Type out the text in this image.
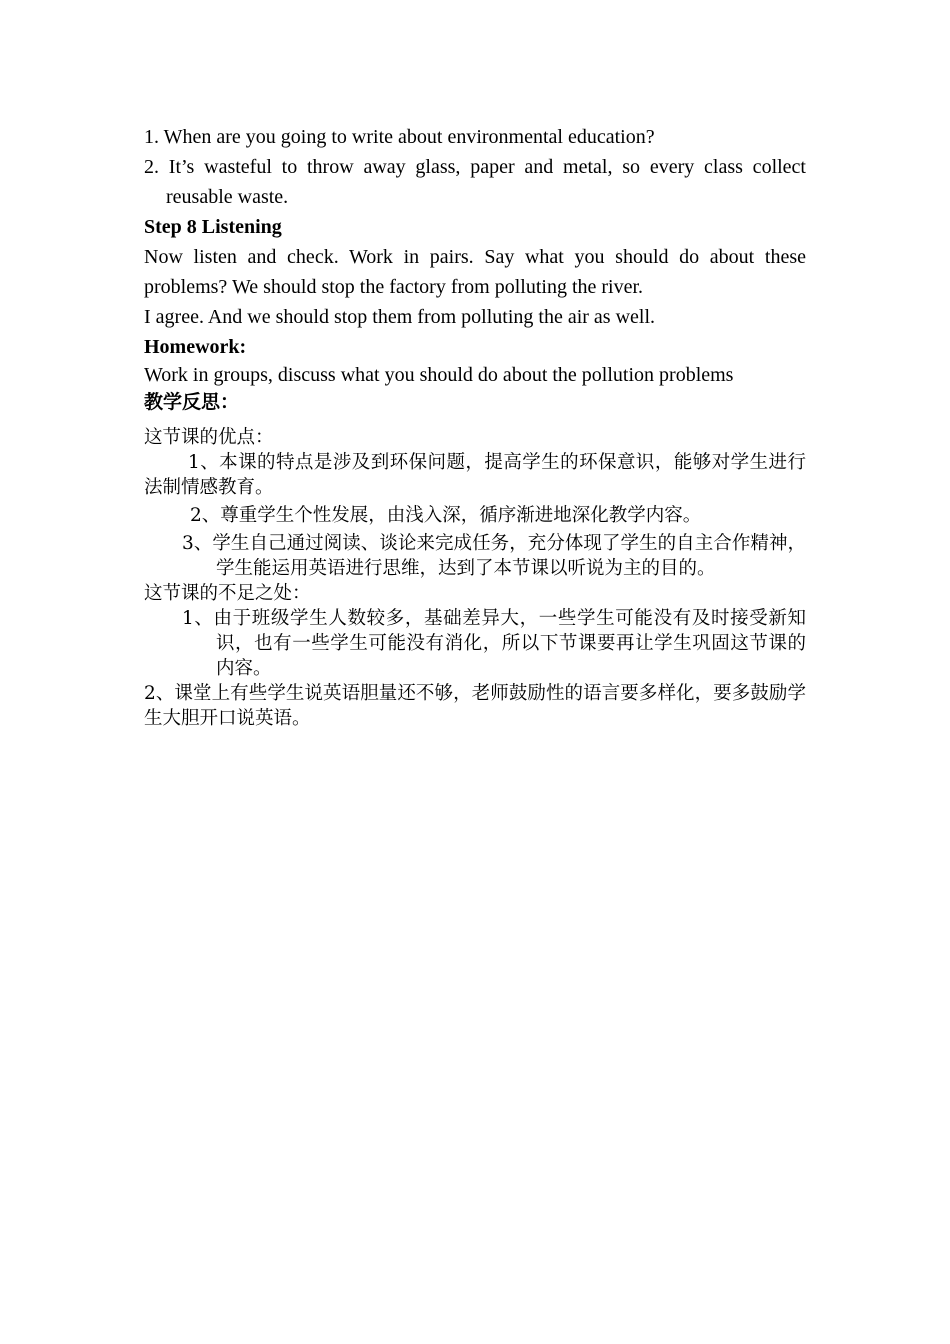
1. When are you going to write about environmental education?

2. It’s wasteful to throw away glass, paper and metal, so every class collect reusable waste.

Step 8 Listening

Now listen and check. Work in pairs. Say what you should do about these problems? We should stop the factory from polluting the river.

I agree. And we should stop them from polluting the air as well.

Homework:

Work in groups, discuss what you should do about the pollution problems

教学反思：

这节课的优点：

1、本课的特点是涉及到环保问题，提高学生的环保意识，能够对学生进行法制情感教育。

2、尊重学生个性发展，由浅入深，循序渐进地深化教学内容。

3、学生自己通过阅读、谈论来完成任务，充分体现了学生的自主合作精神，学生能运用英语进行思维，达到了本节课以听说为主的目的。

这节课的不足之处：

1、由于班级学生人数较多，基础差异大，一些学生可能没有及时接受新知识，也有一些学生可能没有消化，所以下节课要再让学生巩固这节课的内容。

2、课堂上有些学生说英语胆量还不够，老师鼓励性的语言要多样化，要多鼓励学生大胆开口说英语。
